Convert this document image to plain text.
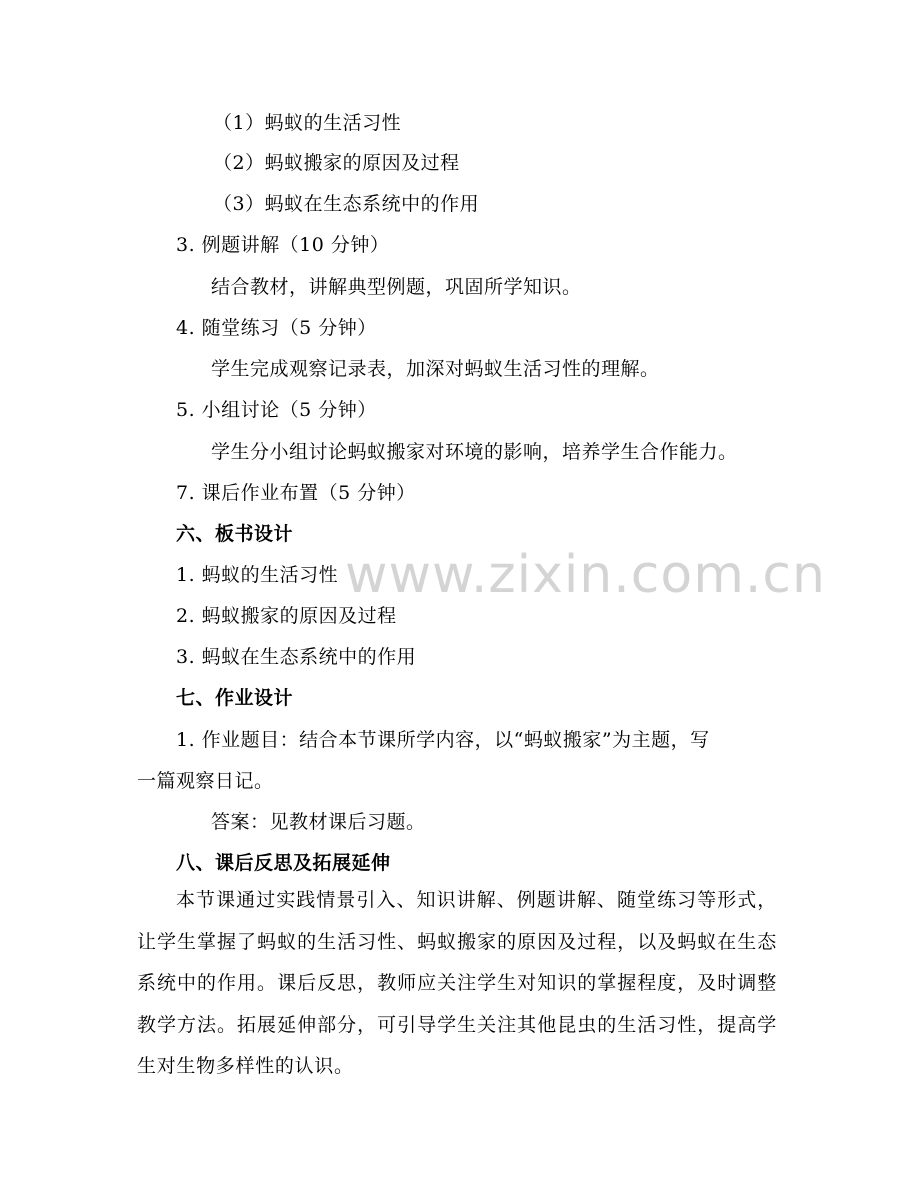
www.zixin.com.cn
（1）蚂蚁的生活习性
（2）蚂蚁搬家的原因及过程
（3）蚂蚁在生态系统中的作用
3. 例题讲解（10 分钟）
结合教材，讲解典型例题，巩固所学知识。
4. 随堂练习（5 分钟）
学生完成观察记录表，加深对蚂蚁生活习性的理解。
5. 小组讨论（5 分钟）
学生分小组讨论蚂蚁搬家对环境的影响，培养学生合作能力。
7. 课后作业布置（5 分钟）
六、板书设计
1. 蚂蚁的生活习性
2. 蚂蚁搬家的原因及过程
3. 蚂蚁在生态系统中的作用
七、作业设计
1. 作业题目：结合本节课所学内容，以“蚂蚁搬家”为主题，写
一篇观察日记。
答案：见教材课后习题。
八、课后反思及拓展延伸
本节课通过实践情景引入、知识讲解、例题讲解、随堂练习等形式，让学生掌握了蚂蚁的生活习性、蚂蚁搬家的原因及过程，以及蚂蚁在生态系统中的作用。课后反思，教师应关注学生对知识的掌握程度，及时调整教学方法。拓展延伸部分，可引导学生关注其他昆虫的生活习性，提高学生对生物多样性的认识。
